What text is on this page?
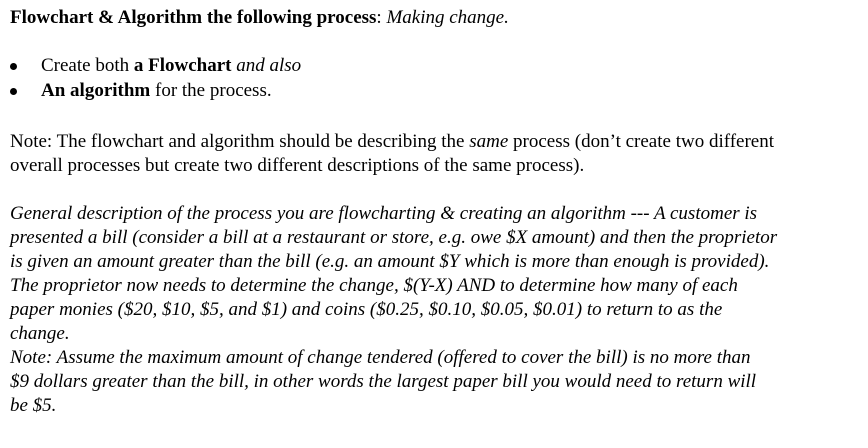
Flowchart & Algorithm the following process: Making change.

Create both a Flowchart and also
An algorithm for the process.
Note: The flowchart and algorithm should be describing the same process (don’t create two different
overall processes but create two different descriptions of the same process).

General description of the process you are flowcharting & creating an algorithm --- A customer is

presented a bill (consider a bill at a restaurant or store, e.g. owe $X amount) and then the proprietor

is given an amount greater than the bill (e.g. an amount $Y which is more than enough is provided).

The proprietor now needs to determine the change, $(Y-X) AND to determine how many of each

paper monies ($20, $10, $5, and $1) and coins ($0.25, $0.10, $0.05, $0.01) to return to as the

change.

Note: Assume the maximum amount of change tendered (offered to cover the bill) is no more than

$9 dollars greater than the bill, in other words the largest paper bill you would need to return will

be $5.
